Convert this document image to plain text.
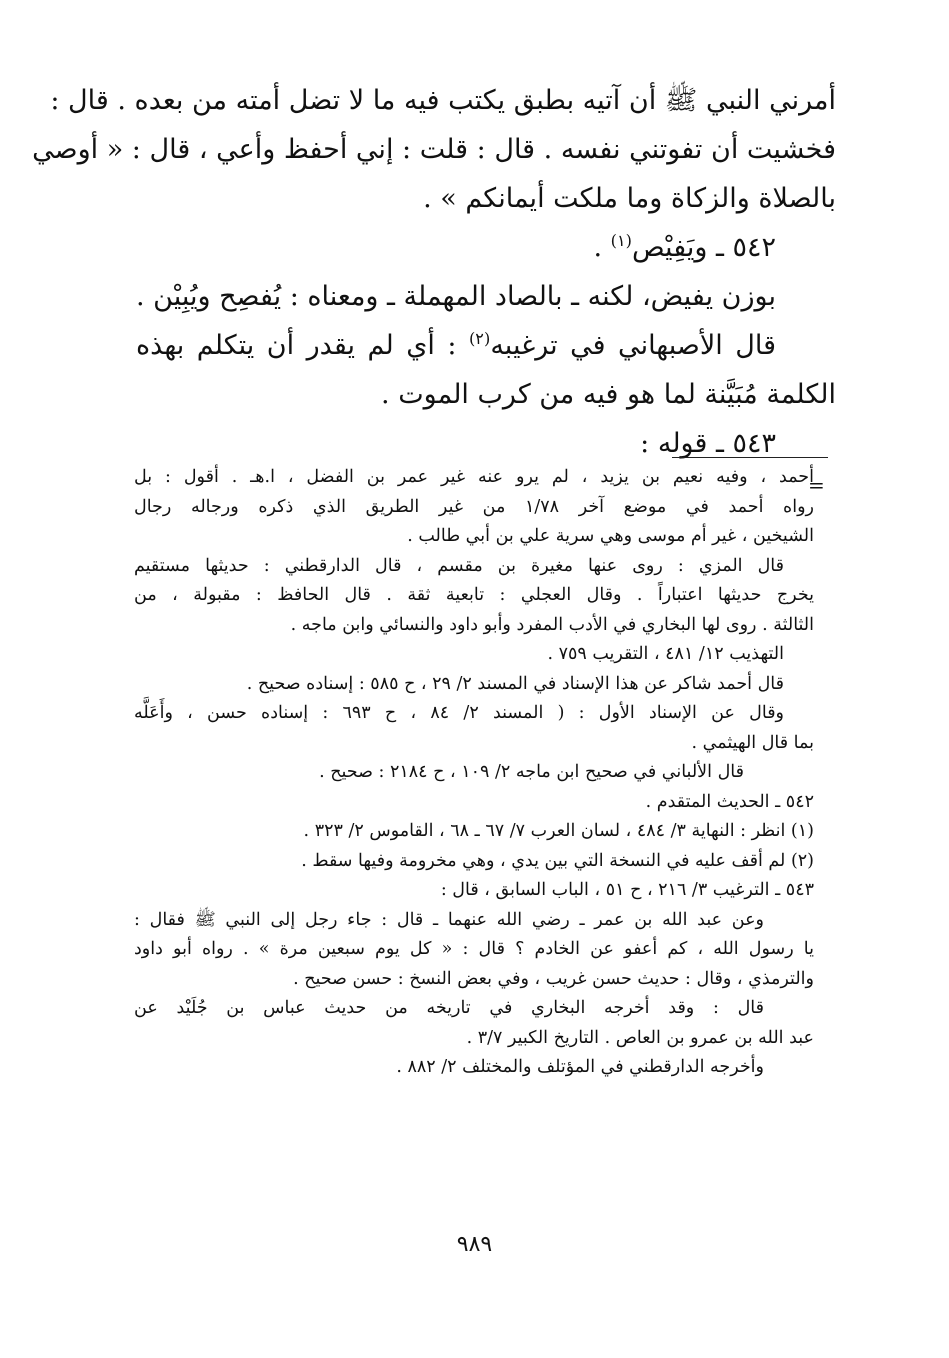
أمرني النبي ﷺ أن آتيه بطبق يكتب فيه ما لا تضل أمته من بعده . قال :
فخشيت أن تفوتني نفسه . قال : قلت : إني أحفظ وأعي ، قال : « أوصي
بالصلاة والزكاة وما ملكت أيمانكم » .
٥٤٢ ـ ويَفِيْص$^{(١)}$ .
بوزن يفيض، لكنه ـ بالصاد المهملة ـ ومعناه : يُفصِح ويُبِيْن .
قال الأصبهاني في ترغيبه$^{(٢)}$ : أي لم يقدر أن يتكلم بهذه
الكلمة مُبَيَّنة لما هو فيه من كرب الموت .
٥٤٣ ـ قوله :
=
أحمد ، وفيه نعيم بن يزيد ، لم يرو عنه غير عمر بن الفضل ، ا.هـ . أقول : بل
رواه أحمد في موضع آخر ١/٧٨ من غير الطريق الذي ذكره ورجاله رجال
الشيخين ، غير أم موسى وهي سرية علي بن أبي طالب .
قال المزي : روى عنها مغيرة بن مقسم ، قال الدارقطني : حديثها مستقيم
يخرج حديثها اعتباراً . وقال العجلي : تابعية ثقة . قال الحافظ : مقبولة ، من
الثالثة . روى لها البخاري في الأدب المفرد وأبو داود والنسائي وابن ماجه .
التهذيب ١٢/ ٤٨١ ، التقريب ٧٥٩ .
قال أحمد شاكر عن هذا الإسناد في المسند ٢/ ٢٩ ، ح ٥٨٥ : إسناده صحيح .
وقال عن الإسناد الأول : ( المسند ٢/ ٨٤ ، ح ٦٩٣ : إسناده حسن ، وأَعَلَّه
بما قال الهيثمي .
قال الألباني في صحيح ابن ماجه ٢/ ١٠٩ ، ح ٢١٨٤ : صحيح .
٥٤٢ ـ الحديث المتقدم .
(١) انظر : النهاية ٣/ ٤٨٤ ، لسان العرب ٧/ ٦٧ ـ ٦٨ ، القاموس ٢/ ٣٢٣ .
(٢) لم أقف عليه في النسخة التي بين يدي ، وهي مخرومة وفيها سقط .
٥٤٣ ـ الترغيب ٣/ ٢١٦ ، ح ٥١ ، الباب السابق ، قال :
وعن عبد الله بن عمر ـ رضي الله عنهما ـ قال : جاء رجل إلى النبي ﷺ فقال :
يا رسول الله ، كم أعفو عن الخادم ؟ قال : « كل يوم سبعين مرة » . رواه أبو داود
والترمذي ، وقال : حديث حسن غريب ، وفي بعض النسخ : حسن صحيح .
قال : وقد أخرجه البخاري في تاريخه من حديث عباس بن جُلَيْد عن
عبد الله بن عمرو بن العاص . التاريخ الكبير ٣/٧ .
وأخرجه الدارقطني في المؤتلف والمختلف ٢/ ٨٨٢ .
٩٨٩
